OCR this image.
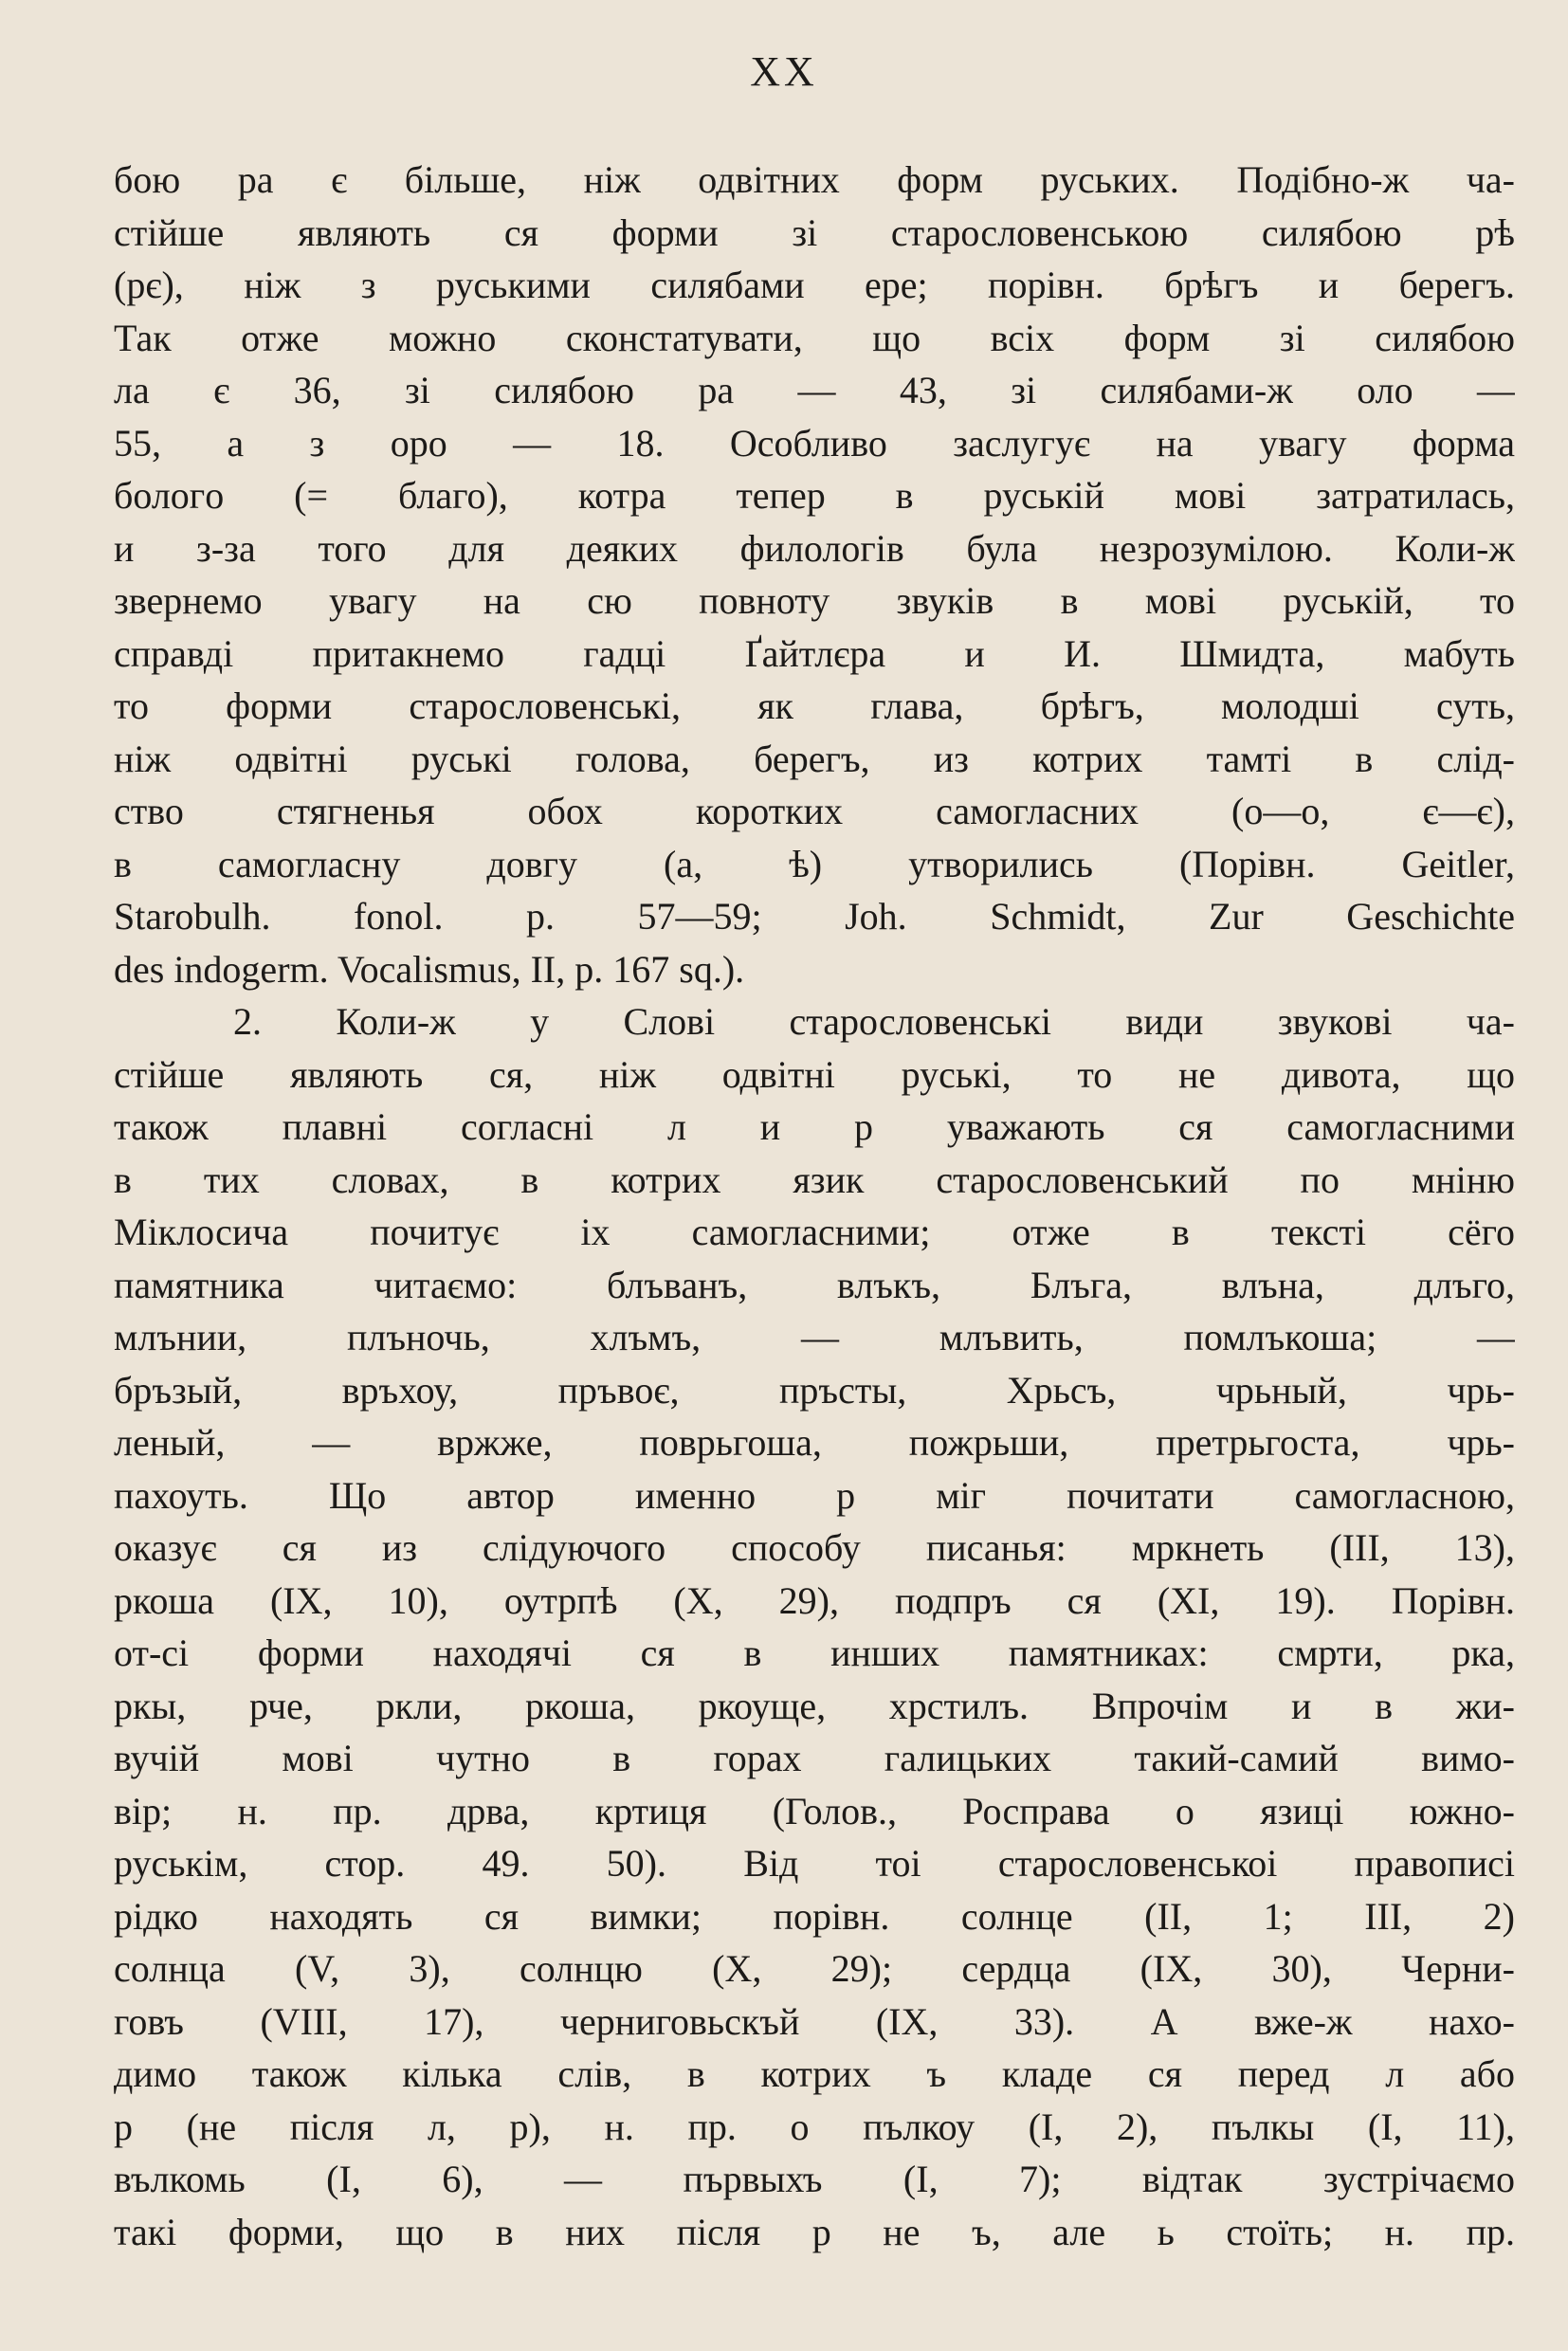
XX
бою ра є більше, ніж одвітних форм руських. Подібно-ж ча-
стійше являють ся форми зі старословенською силябою рѣ
(рє), ніж з руськими силябами ере; порівн. брѣгъ и берегъ.
Так отже можно сконстатувати, що всіх форм зі силябою
ла є 36, зі силябою ра — 43, зі силябами-ж оло —
55, а з оро — 18. Особливо заслугує на увагу форма
бологo (= благо), котра тепер в руській мові затратилась,
и з-за того для деяких филологів була незрозумілою. Коли-ж
звернемо увагу на сю повноту звуків в мові руській, то
справді притакнемо гадці Ґайтлєра и И. Шмидта, мабуть
то форми старословенські, як глава, брѣгъ, молодші суть,
ніж одвітні руські голова, берегъ, из котрих тамті в слід-
ство стягненья обох коротких самогласних (о—о, є—є),
в самогласну довгу (а, ѣ) утворились (Порівн. Geitler,
Starobulh. fonol. p. 57—59; Joh. Schmidt, Zur Geschichte
des indogerm. Vocalismus, II, p. 167 sq.).
2. Коли-ж у Слові старословенські види звукові ча-
стійше являють ся, ніж одвітні руські, то не дивота, що
також плавні согласні л и р уважають ся самогласними
в тих словах, в котрих язик старословенський по мніню
Міклосича почитує іх самогласними; отже в тексті сёго
памятника читаємо: блъванъ, влъкъ, Блъга, влъна, длъго,
млънии, плъночь, хлъмъ, — млъвить, помлъкоша; —
бръзый, връхоу, пръвоє, пръсты, Хрьсъ, чрьный, чрь-
леный, — вржже, поврьгоша, пожрьши, претрьгоста, чрь-
пахоуть. Що автор именно р міг почитати самогласною,
оказує ся из слідуючого способу писанья: мркнеть (III, 13),
ркоша (IX, 10), оутрпѣ (X, 29), подпръ ся (XI, 19). Порівн.
от-сі форми находячі ся в инших памятниках: смрти, рка,
ркы, рче, ркли, ркоша, ркоуще, хрстилъ. Впрочім и в жи-
вучій мові чутно в горах галицьких такий-самий вимо-
вір; н. пр. дрва, кртиця (Голов., Росправа о язиці южно-
руськім, стор. 49. 50). Від тоі старословенськоі правописі
рідко находять ся вимки; порівн. солнце (II, 1; III, 2)
солнца (V, 3), солнцю (X, 29); сердца (IX, 30), Черни-
говъ (VIII, 17), черниговьскъй (IX, 33). А вже-ж нахо-
димо також кілька слів, в котрих ъ кладе ся перед л або
р (не після л, р), н. пр. о пълкоу (I, 2), пълкы (I, 11),
вълкомь (I, 6), — първыхъ (I, 7); відтак зустрічаємо
такі форми, що в них після р не ъ, але ь стоїть; н. пр.
